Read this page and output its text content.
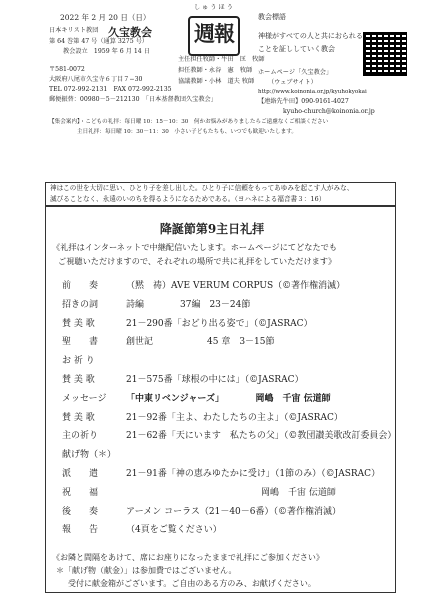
2022 年 2 月 20 日（日）
しゅうほう
週報
教会標語
日本キリスト教団 久宝教会
第 64 巻第 47 号（通算 3275 号）
教会設立　1959 年 6 月 14 日
主任担任牧師・牛田　匡　牧師
担任教師・永谷　憲　牧師
協議教師・小林　道夫 牧師
神様がすべての人と共におられる
ことを証ししていく教会
〒581-0072
大阪府八尾市久宝寺６丁目７−30
TEL 072-992-2131　FAX 072-992-2135
郵便振替：00980－5－212130　「日本基督教団久宝教会」
ホームページ「久宝教会」
（ウェブサイト）
http://www.koinonia.or.jp/kyuhokyokai
【連絡先牛田】090-9161-4027
kyuho-church@koinonia.or.jp
【集会案内】・こどもの礼拝：毎日曜 10：15－10：30　何かお悩みがありましたらご遠慮なくご相談ください
主日礼拝：毎日曜 10：30－11：30　小さい子どもたちも、いつでも歓迎いたします。
神はこの世を大切に思い、ひとり子を差し出した。ひとり子に信頼をもってあゆみを起こす人がみな、
滅びることなく、永遠のいのちを得るようになるためである。（ヨハネによる福音書３：16）
降誕節第9主日礼拝
《礼拝はインターネットで中継配信いたします。ホームページにてどなたでも
ご視聴いただけますので、それぞれの場所で共に礼拝をしていただけます》
前　　奏	（黙　祷）AVE VERUM CORPUS（©著作権消滅）
招きの詞	詩編　　　　37編　23－24節
賛 美 歌	21－290番「おどり出る姿で」（©JASRAC）
聖　　書	創世記　　　　　　45 章　3－15節
お 祈 り
賛 美 歌	21－575番「球根の中には」（©JASRAC）
メッセージ 「中東リベンジャーズ」　　　　岡嶋　千宙 伝道師
賛 美 歌	21－92番「主よ、わたしたちの主よ」（©JASRAC）
主の祈り	21－62番「天にいます　私たちの父」（©教団讃美歌改訂委員会）
献げ物（＊）
派　　遣	21－91番「神の恵みゆたかに受け」（1節のみ）（©JASRAC）
祝　　福	　　　　　　　　　　　　　　　岡嶋　千宙 伝道師
後　　奏	アーメン コーラス（21－40－6番）（©著作権消滅）
報　　告	（4頁をご覧ください）
《お隣と間隔をあけて、席にお座りになったままで礼拝にご参加ください》
＊「献げ物（献金）」は参加費ではございません。
受付に献金箱がございます。ご自由のある方のみ、お献げください。
